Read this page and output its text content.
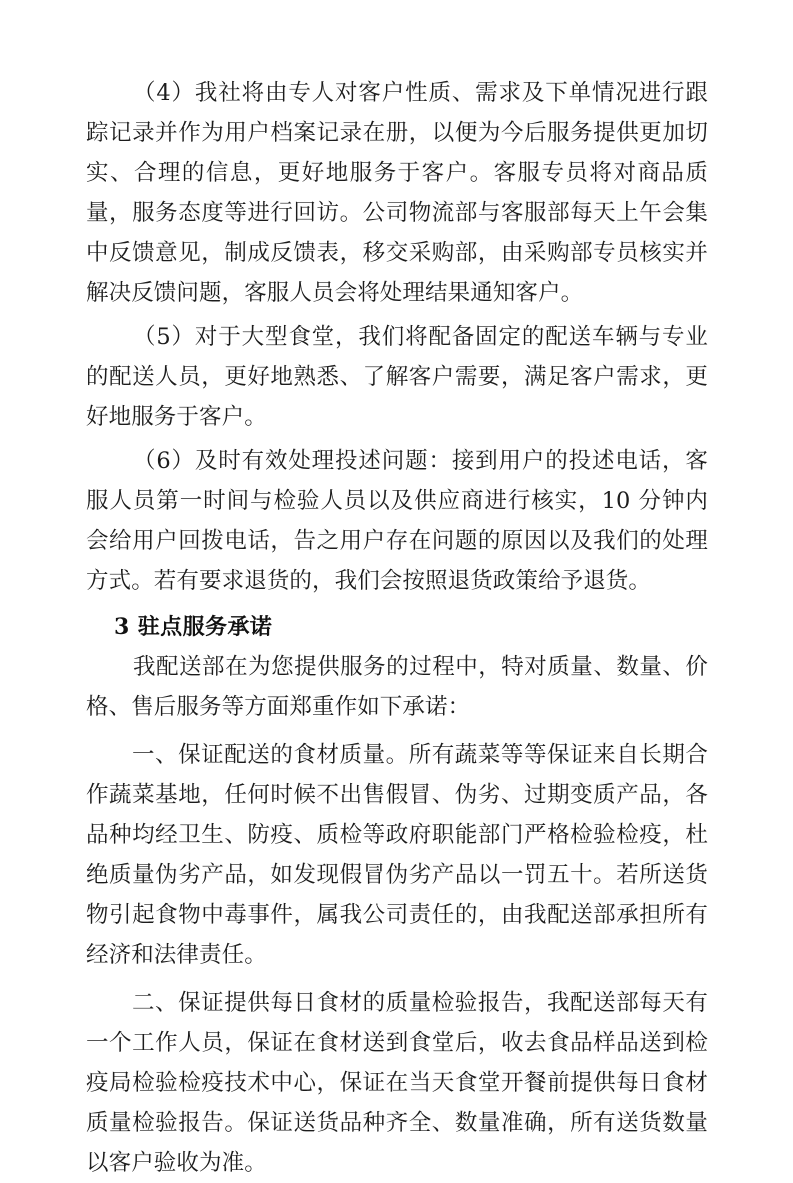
（4）我社将由专人对客户性质、需求及下单情况进行跟踪记录并作为用户档案记录在册，以便为今后服务提供更加切实、合理的信息，更好地服务于客户。客服专员将对商品质量，服务态度等进行回访。公司物流部与客服部每天上午会集中反馈意见，制成反馈表，移交采购部，由采购部专员核实并解决反馈问题，客服人员会将处理结果通知客户。

（5）对于大型食堂，我们将配备固定的配送车辆与专业的配送人员，更好地熟悉、了解客户需要，满足客户需求，更好地服务于客户。

（6）及时有效处理投述问题：接到用户的投述电话，客服人员第一时间与检验人员以及供应商进行核实，10 分钟内会给用户回拨电话，告之用户存在问题的原因以及我们的处理方式。若有要求退货的，我们会按照退货政策给予退货。

3 驻点服务承诺

我配送部在为您提供服务的过程中，特对质量、数量、价格、售后服务等方面郑重作如下承诺：

一、保证配送的食材质量。所有蔬菜等等保证来自长期合作蔬菜基地，任何时候不出售假冒、伪劣、过期变质产品，各品种均经卫生、防疫、质检等政府职能部门严格检验检疫，杜绝质量伪劣产品，如发现假冒伪劣产品以一罚五十。若所送货物引起食物中毒事件，属我公司责任的，由我配送部承担所有经济和法律责任。

二、保证提供每日食材的质量检验报告，我配送部每天有一个工作人员，保证在食材送到食堂后，收去食品样品送到检疫局检验检疫技术中心，保证在当天食堂开餐前提供每日食材质量检验报告。保证送货品种齐全、数量准确，所有送货数量以客户验收为准。
